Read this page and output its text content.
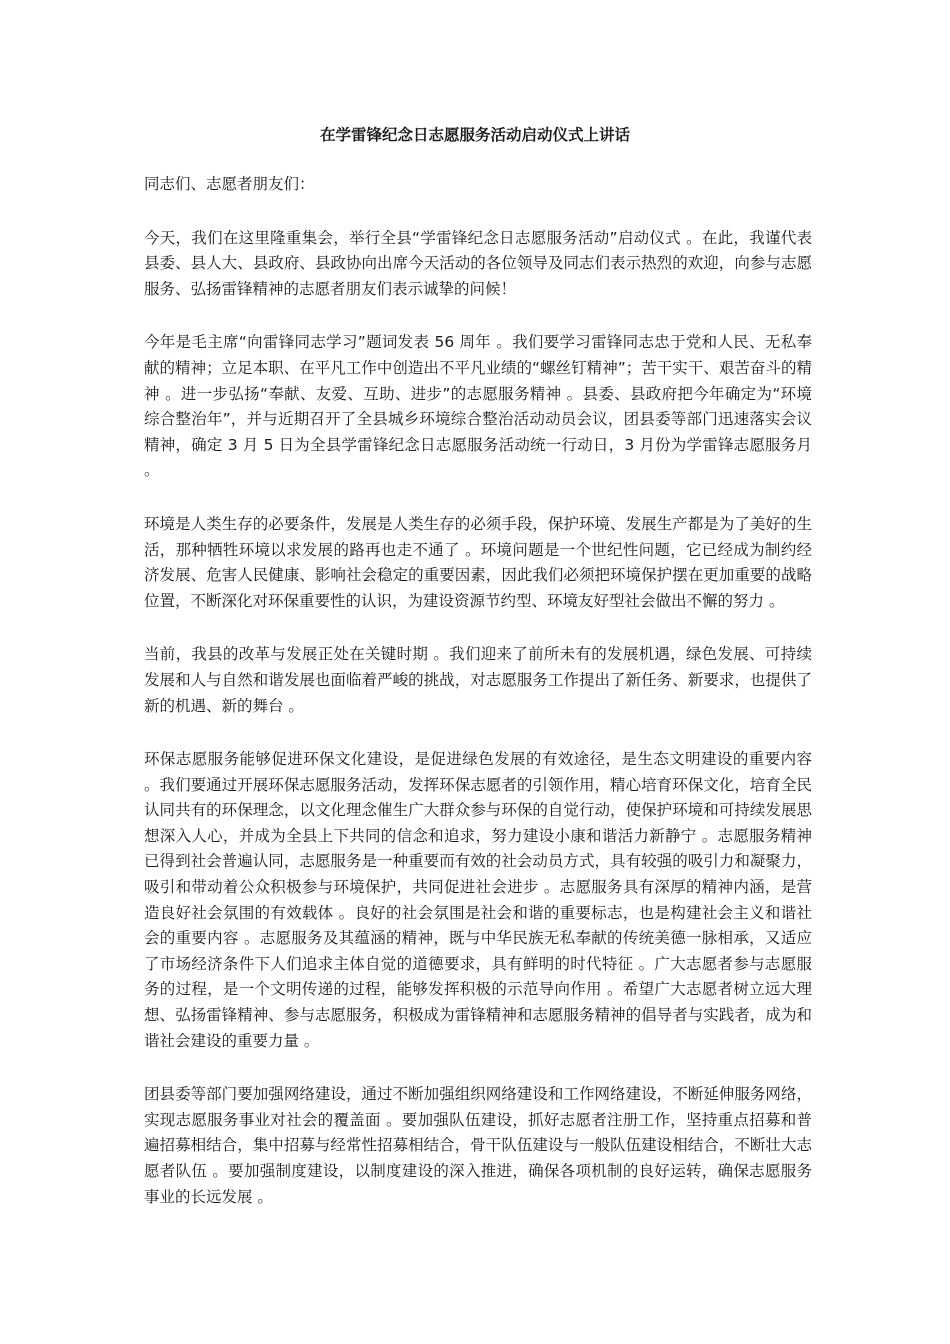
在学雷锋纪念日志愿服务活动启动仪式上讲话

同志们、志愿者朋友们：

今天，我们在这里隆重集会，举行全县“学雷锋纪念日志愿服务活动”启动仪式 。在此，我谨代表县委、县人大、县政府、县政协向出席今天活动的各位领导及同志们表示热烈的欢迎，向参与志愿服务、弘扬雷锋精神的志愿者朋友们表示诚挚的问候！

今年是毛主席“向雷锋同志学习”题词发表 56 周年 。我们要学习雷锋同志忠于党和人民、无私奉献的精神；立足本职、在平凡工作中创造出不平凡业绩的“螺丝钉精神”；苦干实干、艰苦奋斗的精神 。进一步弘扬“奉献、友爱、互助、进步”的志愿服务精神 。县委、县政府把今年确定为“环境综合整治年”，并与近期召开了全县城乡环境综合整治活动动员会议，团县委等部门迅速落实会议精神，确定 3 月 5 日为全县学雷锋纪念日志愿服务活动统一行动日，3 月份为学雷锋志愿服务月 。

环境是人类生存的必要条件，发展是人类生存的必须手段，保护环境、发展生产都是为了美好的生活，那种牺牲环境以求发展的路再也走不通了 。环境问题是一个世纪性问题，它已经成为制约经济发展、危害人民健康、影响社会稳定的重要因素，因此我们必须把环境保护摆在更加重要的战略位置，不断深化对环保重要性的认识，为建设资源节约型、环境友好型社会做出不懈的努力 。

当前，我县的改革与发展正处在关键时期 。我们迎来了前所未有的发展机遇，绿色发展、可持续发展和人与自然和谐发展也面临着严峻的挑战，对志愿服务工作提出了新任务、新要求，也提供了新的机遇、新的舞台 。

环保志愿服务能够促进环保文化建设，是促进绿色发展的有效途径，是生态文明建设的重要内容 。我们要通过开展环保志愿服务活动，发挥环保志愿者的引领作用，精心培育环保文化，培育全民认同共有的环保理念，以文化理念催生广大群众参与环保的自觉行动，使保护环境和可持续发展思想深入人心，并成为全县上下共同的信念和追求，努力建设小康和谐活力新静宁 。志愿服务精神已得到社会普遍认同，志愿服务是一种重要而有效的社会动员方式，具有较强的吸引力和凝聚力，吸引和带动着公众积极参与环境保护，共同促进社会进步 。志愿服务具有深厚的精神内涵，是营造良好社会氛围的有效载体 。良好的社会氛围是社会和谐的重要标志，也是构建社会主义和谐社会的重要内容 。志愿服务及其蕴涵的精神，既与中华民族无私奉献的传统美德一脉相承，又适应了市场经济条件下人们追求主体自觉的道德要求，具有鲜明的时代特征 。广大志愿者参与志愿服务的过程，是一个文明传递的过程，能够发挥积极的示范导向作用 。希望广大志愿者树立远大理想、弘扬雷锋精神、参与志愿服务，积极成为雷锋精神和志愿服务精神的倡导者与实践者，成为和谐社会建设的重要力量 。

团县委等部门要加强网络建设，通过不断加强组织网络建设和工作网络建设，不断延伸服务网络，实现志愿服务事业对社会的覆盖面 。要加强队伍建设，抓好志愿者注册工作，坚持重点招募和普遍招募相结合，集中招募与经常性招募相结合，骨干队伍建设与一般队伍建设相结合，不断壮大志愿者队伍 。要加强制度建设，以制度建设的深入推进，确保各项机制的良好运转，确保志愿服务事业的长远发展 。
